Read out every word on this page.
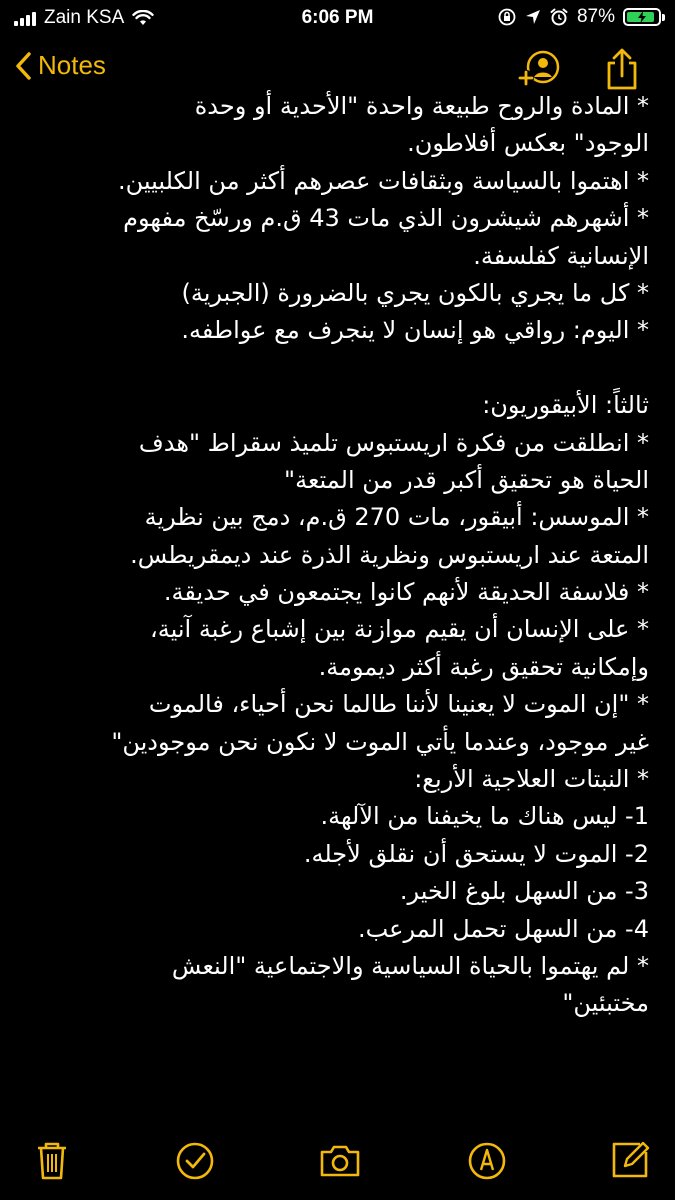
Zain KSA	6:06 PM	87%
Notes
* المادة والروح طبيعة واحدة "الأحدية أو وحدة
الوجود" بعكس أفلاطون.
* اهتموا بالسياسة وبثقافات عصرهم أكثر من الكلبيين.
* أشهرهم شيشرون الذي مات 43 ق.م ورسّخ مفهوم
الإنسانية كفلسفة.
* كل ما يجري بالكون يجري بالضرورة (الجبرية)
* اليوم: رواقي هو إنسان لا ينجرف مع عواطفه.
ثالثاً: الأبيقوريون:
* انطلقت من فكرة اريستبوس تلميذ سقراط "هدف
الحياة هو تحقيق أكبر قدر من المتعة"
* الموسس: أبيقور، مات 270 ق.م، دمج بين نظرية
المتعة عند اريستبوس ونظرية الذرة عند ديمقريطس.
* فلاسفة الحديقة لأنهم كانوا يجتمعون في حديقة.
* على الإنسان أن يقيم موازنة بين إشباع رغبة آنية،
وإمكانية تحقيق رغبة أكثر ديمومة.
* "إن الموت لا يعنينا لأننا طالما نحن أحياء، فالموت
غير موجود، وعندما يأتي الموت لا نكون نحن موجودين"
* النبتات العلاجية الأربع:
1- ليس هناك ما يخيفنا من الآلهة.
2- الموت لا يستحق أن نقلق لأجله.
3- من السهل بلوغ الخير.
4- من السهل تحمل المرعب.
* لم يهتموا بالحياة السياسية والاجتماعية "النعش
مختبئين"
